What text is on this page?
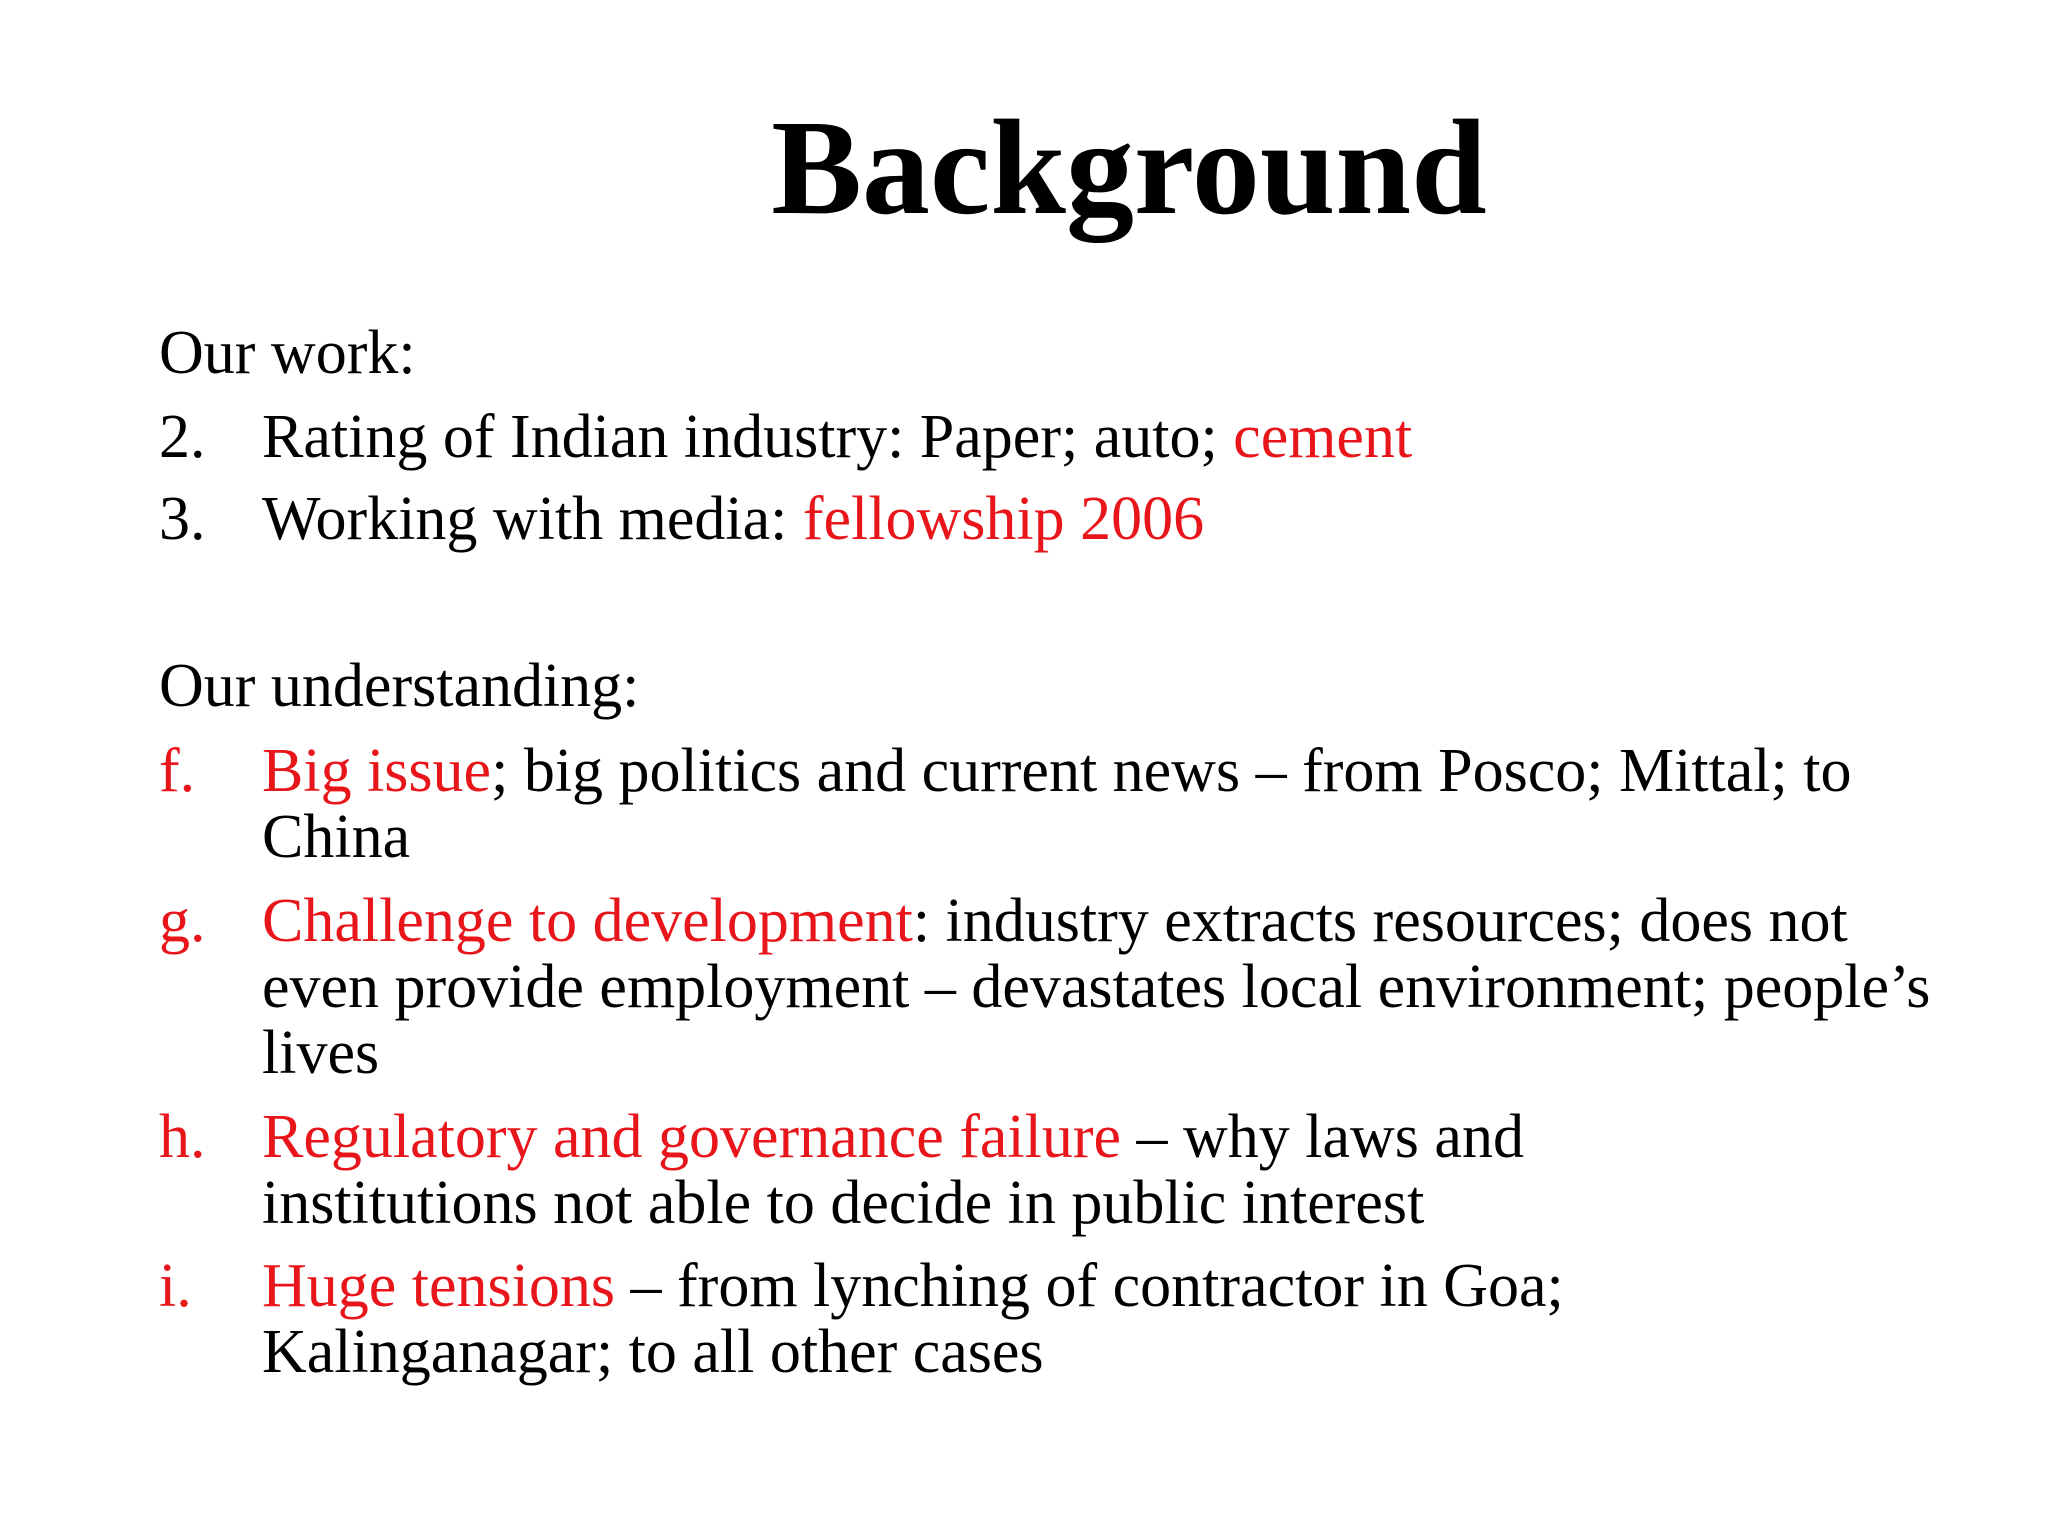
Background
Our work:
2. Rating of Indian industry: Paper; auto; cement
3. Working with media: fellowship 2006
Our understanding:
f. Big issue; big politics and current news – from Posco; Mittal; to China
g. Challenge to development: industry extracts resources; does not even provide employment – devastates local environment; people’s lives
h. Regulatory and governance failure – why laws and institutions not able to decide in public interest
i. Huge tensions – from lynching of contractor in Goa; Kalinganagar; to all other cases
